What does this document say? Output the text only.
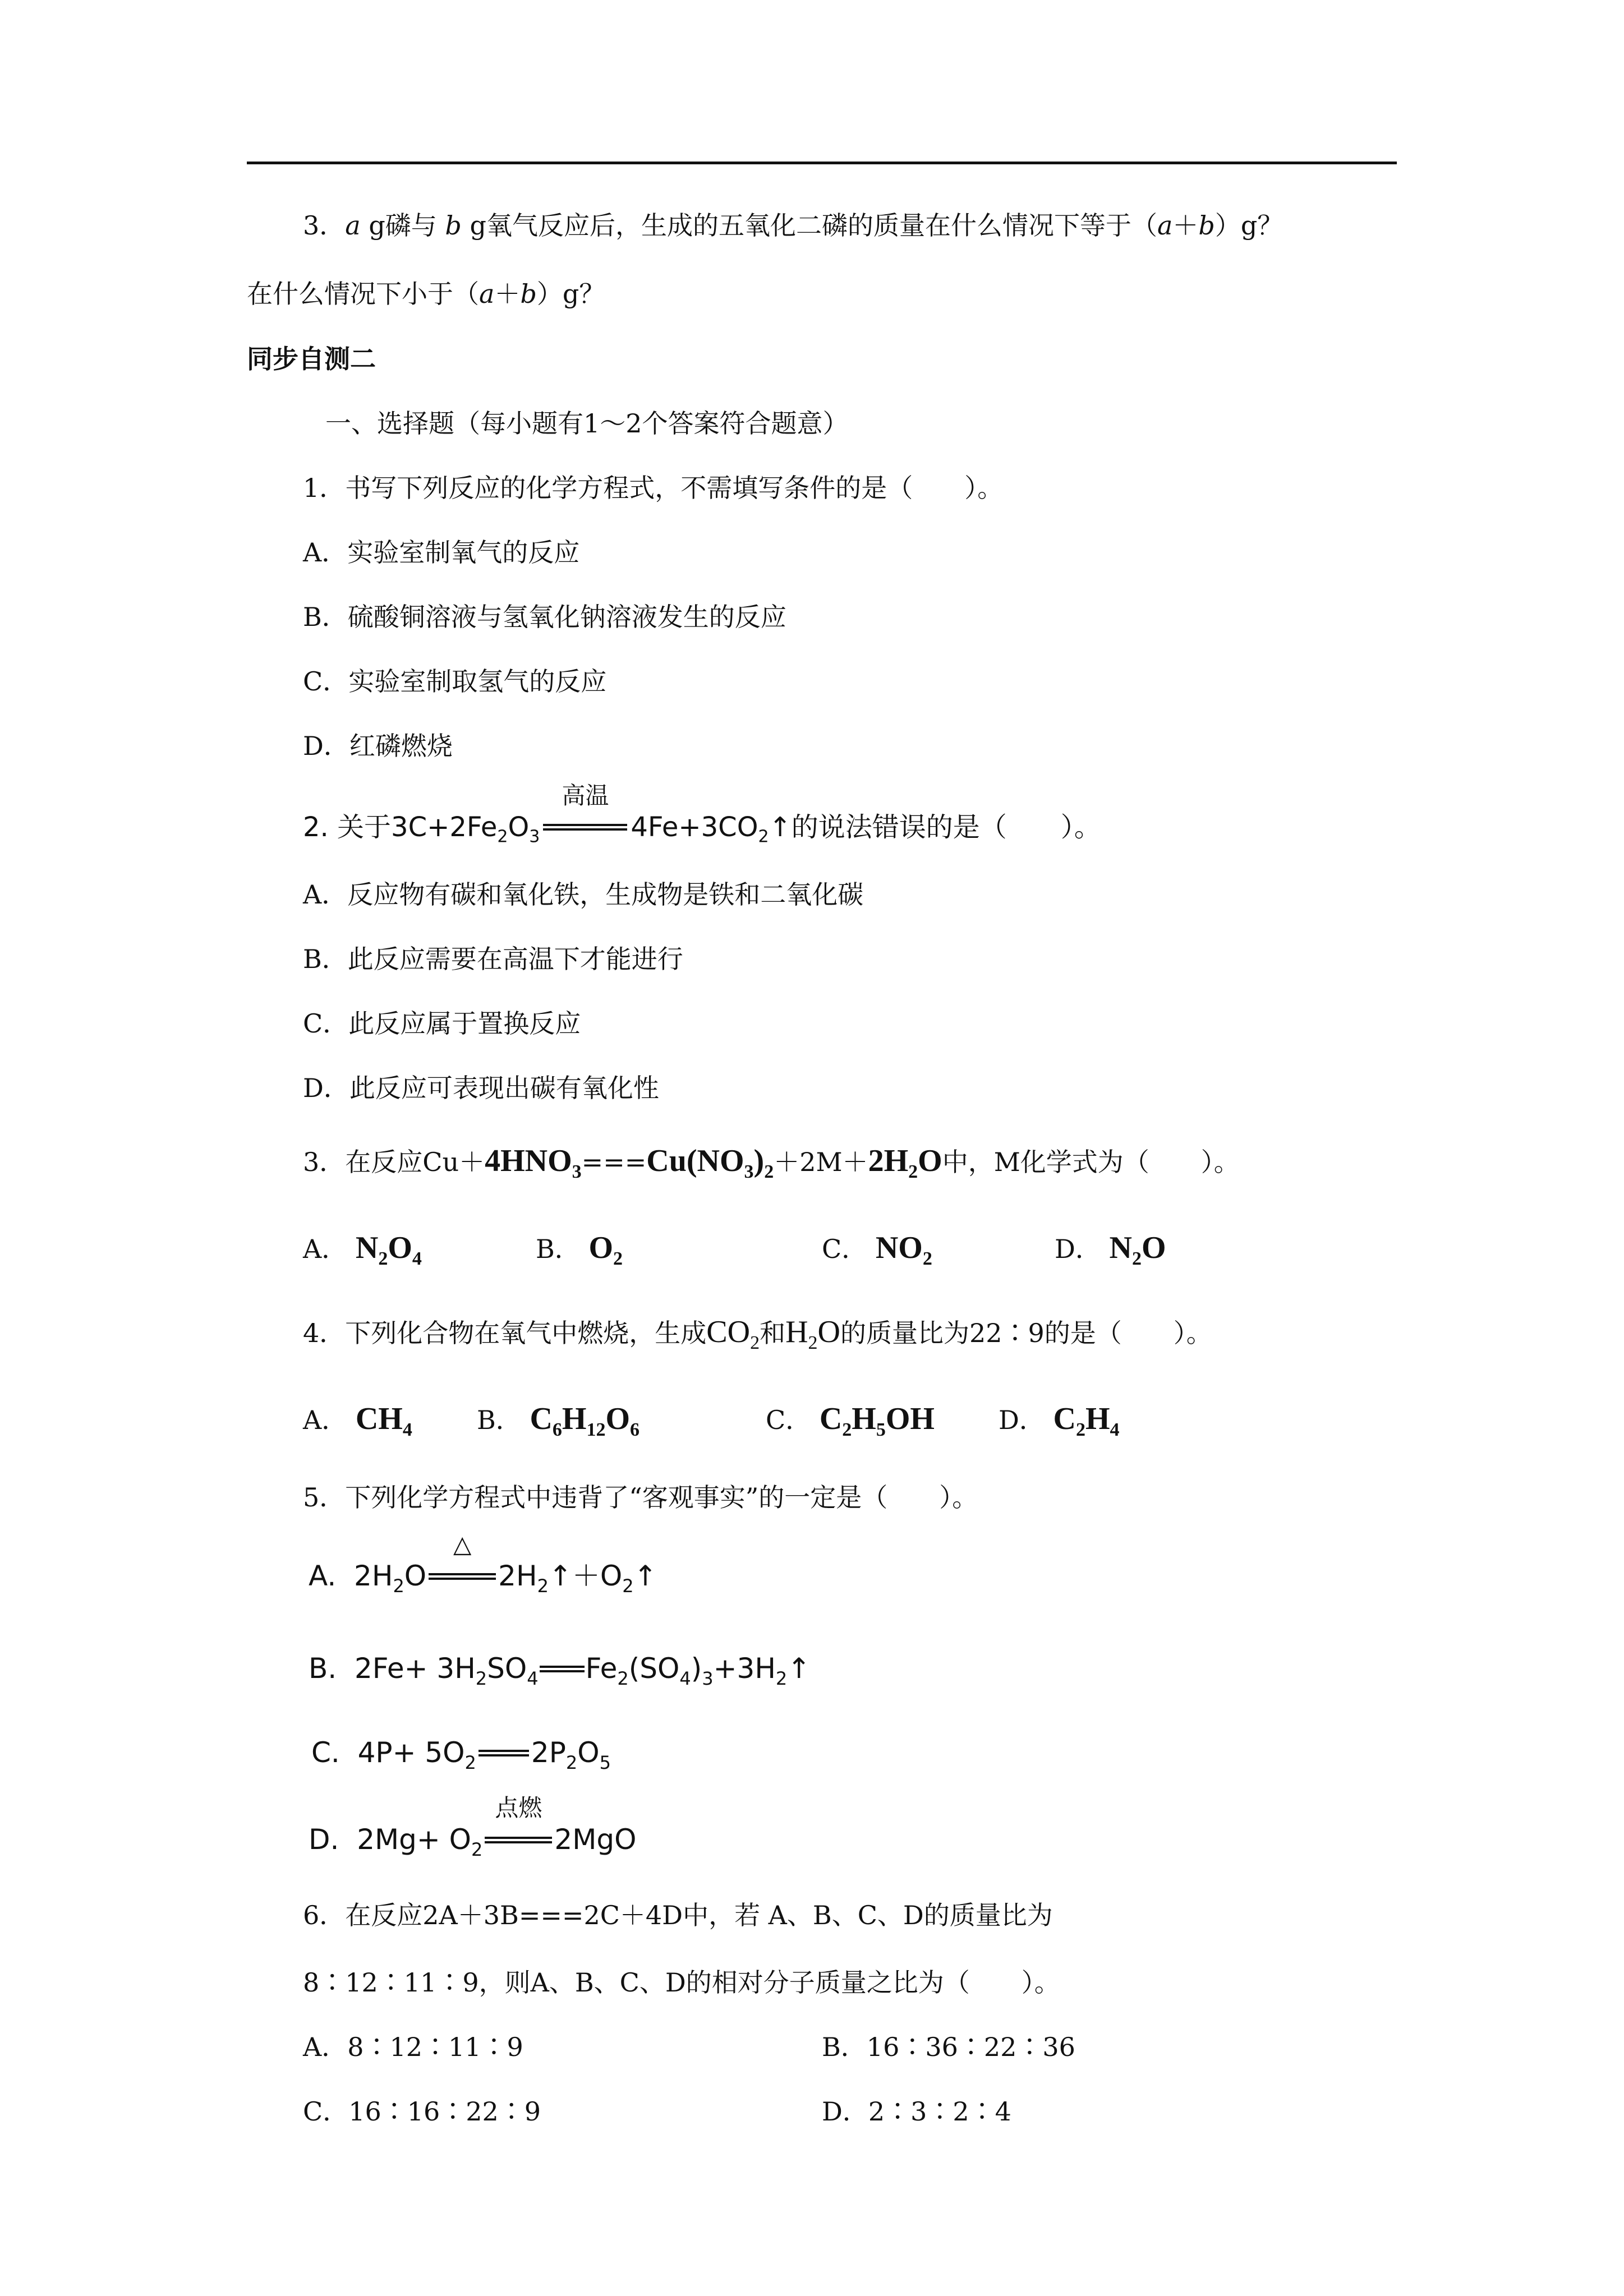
3．a g磷与 b g氧气反应后，生成的五氧化二磷的质量在什么情况下等于（a＋b）g？
在什么情况下小于（a＋b）g？
同步自测二
一、选择题（每小题有1～2个答案符合题意）
1．书写下列反应的化学方程式，不需填写条件的是（　　）。
A．实验室制氧气的反应
B．硫酸铜溶液与氢氧化钠溶液发生的反应
C．实验室制取氢气的反应
D．红磷燃烧
2. 关于$3C+2Fe_2O_3$
高温
$4Fe+3CO_2↑$的说法错误的是（　　）。
A．反应物有碳和氧化铁，生成物是铁和二氧化碳
B．此反应需要在高温下才能进行
C．此反应属于置换反应
D．此反应可表现出碳有氧化性
3．在反应$Cu+4HNO_3===Cu(NO_3)_2+2M+2H_2O$中，M化学式为（　　）。
A． $N_2O_4$	B． $O_2$	C． $NO_2$	D． $N_2O$
4．下列化合物在氧气中燃烧，生成$CO_2$和$H_2O$的质量比为22∶9的是（　　）。
A． $CH_4$	B． $C_6H_{12}O_6$	C． $C_2H_5OH$ D． $C_2H_4$
5．下列化学方程式中违背了“客观事实”的一定是（　　）。
A. $2H_2O$
△
$2H_2↑+O_2↑$
B. $2Fe+ 3H_2SO_4$ $Fe_2(SO_4)_3+3H_2↑$
C. $4P+ 5O_2$ $2P_2O_5$
D. $2Mg+ O_2$
点燃
2MgO
6．在反应2A＋3B===2C＋4D中，若 A、B、C、D的质量比为
8∶12∶11∶9，则A、B、C、D的相对分子质量之比为（　　）。
A．8∶12∶11∶9	B．16∶36∶22∶36
C．16∶16∶22∶9	D．2∶3∶2∶4
